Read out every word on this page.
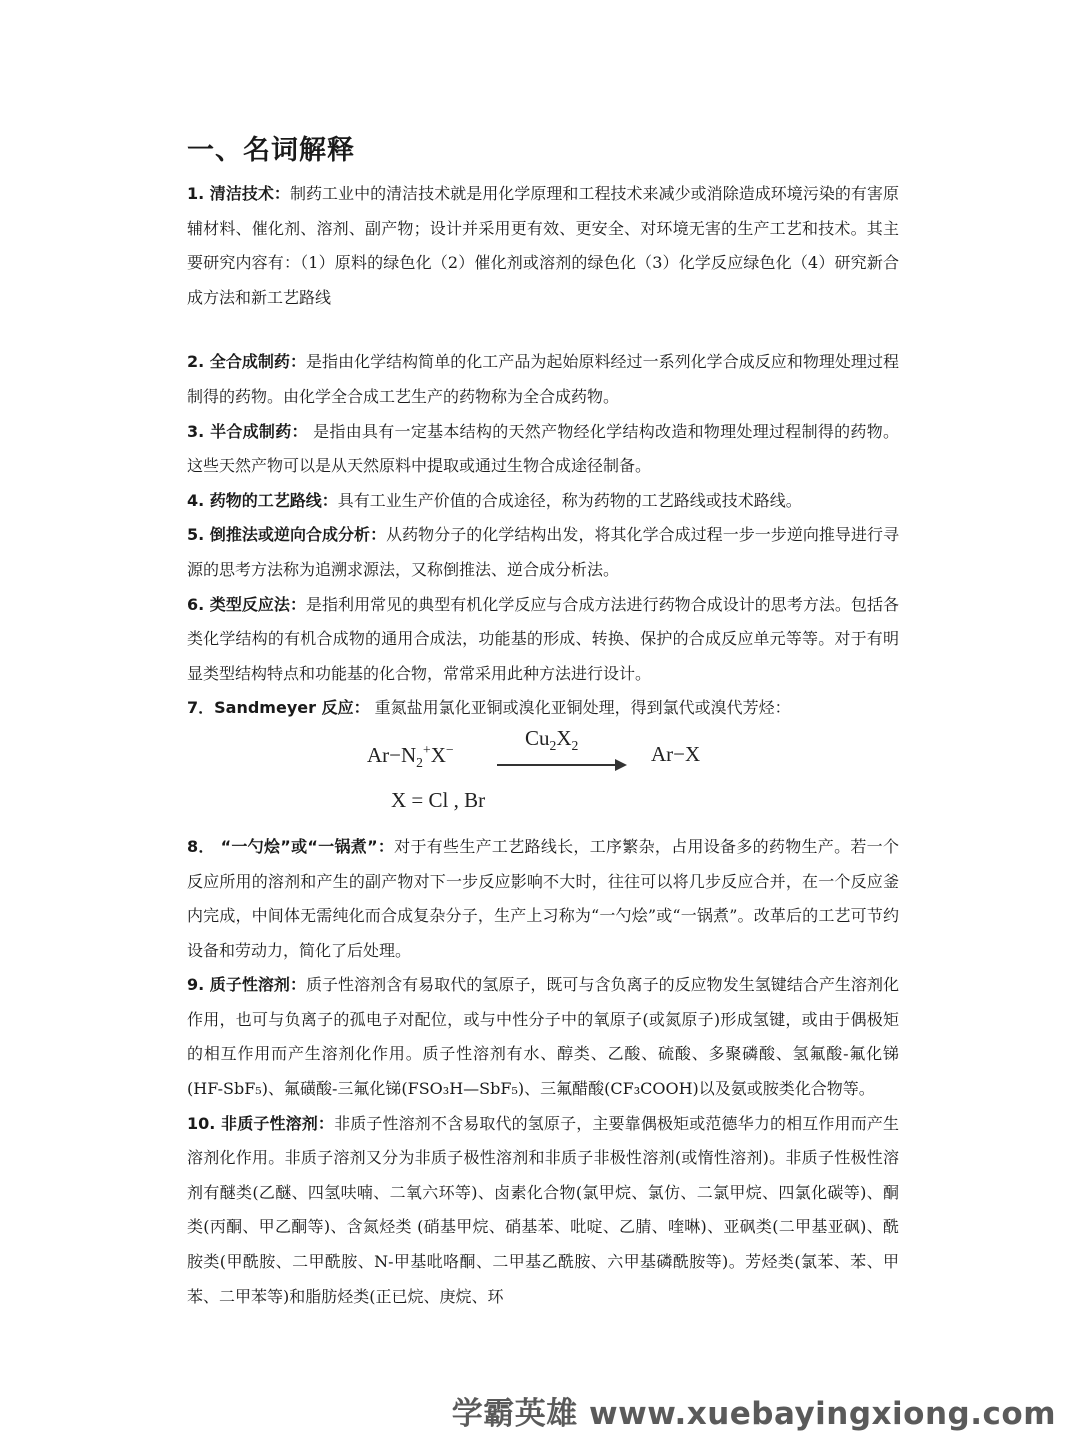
一、名词解释

1. 清洁技术：制药工业中的清洁技术就是用化学原理和工程技术来减少或消除造成环境污染的有害原辅材料、催化剂、溶剂、副产物；设计并采用更有效、更安全、对环境无害的生产工艺和技术。其主要研究内容有：（1）原料的绿色化（2）催化剂或溶剂的绿色化（3）化学反应绿色化（4）研究新合成方法和新工艺路线

2. 全合成制药：是指由化学结构简单的化工产品为起始原料经过一系列化学合成反应和物理处理过程制得的药物。由化学全合成工艺生产的药物称为全合成药物。

3. 半合成制药： 是指由具有一定基本结构的天然产物经化学结构改造和物理处理过程制得的药物。这些天然产物可以是从天然原料中提取或通过生物合成途径制备。

4. 药物的工艺路线：具有工业生产价值的合成途径，称为药物的工艺路线或技术路线。

5. 倒推法或逆向合成分析：从药物分子的化学结构出发，将其化学合成过程一步一步逆向推导进行寻源的思考方法称为追溯求源法，又称倒推法、逆合成分析法。

6. 类型反应法：是指利用常见的典型有机化学反应与合成方法进行药物合成设计的思考方法。包括各类化学结构的有机合成物的通用合成法，功能基的形成、转换、保护的合成反应单元等等。对于有明显类型结构特点和功能基的化合物，常常采用此种方法进行设计。

7．Sandmeyer 反应： 重氮盐用氯化亚铜或溴化亚铜处理，得到氯代或溴代芳烃：

$Ar-N_2^+X^-$	$Cu_2X_2$	Ar−X
X = Cl , Br

8． “一勺烩”或“一锅煮”：对于有些生产工艺路线长，工序繁杂，占用设备多的药物生产。若一个反应所用的溶剂和产生的副产物对下一步反应影响不大时，往往可以将几步反应合并，在一个反应釜内完成，中间体无需纯化而合成复杂分子，生产上习称为“一勺烩”或“一锅煮”。改革后的工艺可节约设备和劳动力，简化了后处理。

9. 质子性溶剂：质子性溶剂含有易取代的氢原子，既可与含负离子的反应物发生氢键结合产生溶剂化作用，也可与负离子的孤电子对配位，或与中性分子中的氧原子(或氮原子)形成氢键，或由于偶极矩的相互作用而产生溶剂化作用。质子性溶剂有水、醇类、乙酸、硫酸、多聚磷酸、氢氟酸-氟化锑(HF-SbF₅)、氟磺酸-三氟化锑(FSO₃H—SbF₅)、三氟醋酸(CF₃COOH)以及氨或胺类化合物等。

10. 非质子性溶剂：非质子性溶剂不含易取代的氢原子，主要靠偶极矩或范德华力的相互作用而产生溶剂化作用。非质子溶剂又分为非质子极性溶剂和非质子非极性溶剂(或惰性溶剂)。非质子性极性溶剂有醚类(乙醚、四氢呋喃、二氧六环等)、卤素化合物(氯甲烷、氯仿、二氯甲烷、四氯化碳等)、酮类(丙酮、甲乙酮等)、含氮烃类 (硝基甲烷、硝基苯、吡啶、乙腈、喹啉)、亚砜类(二甲基亚砜)、酰胺类(甲酰胺、二甲酰胺、N-甲基吡咯酮、二甲基乙酰胺、六甲基磷酰胺等)。芳烃类(氯苯、苯、甲苯、二甲苯等)和脂肪烃类(正已烷、庚烷、环

学霸英雄 www.xuebayingxiong.com
